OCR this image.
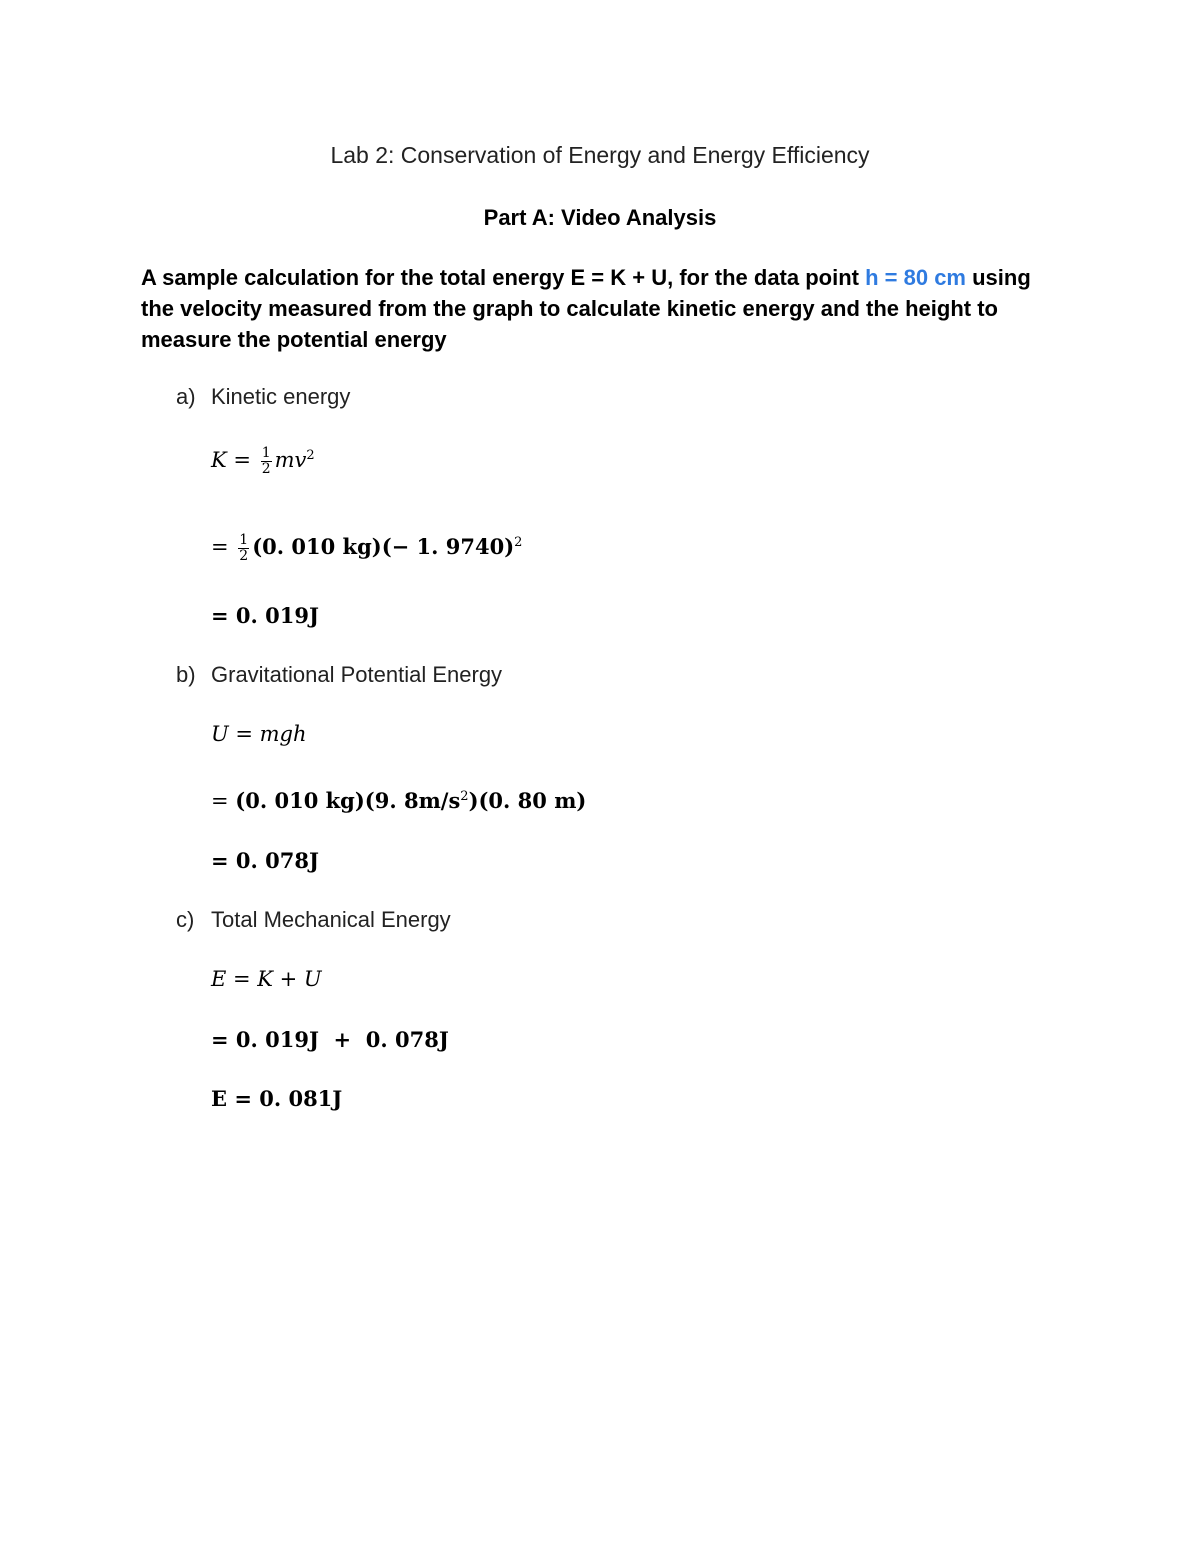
Lab 2: Conservation of Energy and Energy Efficiency
Part A: Video Analysis
A sample calculation for the total energy E = K + U, for the data point h = 80 cm using the velocity measured from the graph to calculate kinetic energy and the height to measure the potential energy
a) Kinetic energy
$K = \frac{1}{2} mv^2$
= $\frac{1}{2} (0$. 010 kg)(− 1. 9740)$^2$
= 0. 019J
b) Gravitational Potential Energy
U = mgh
= (0. 010 kg)(9. $8m/s^2)(0$. 80 m)
= 0. 078J
c) Total Mechanical Energy
E = K + U
= 0. 019J  +  0. 078J
E = 0. 081J
